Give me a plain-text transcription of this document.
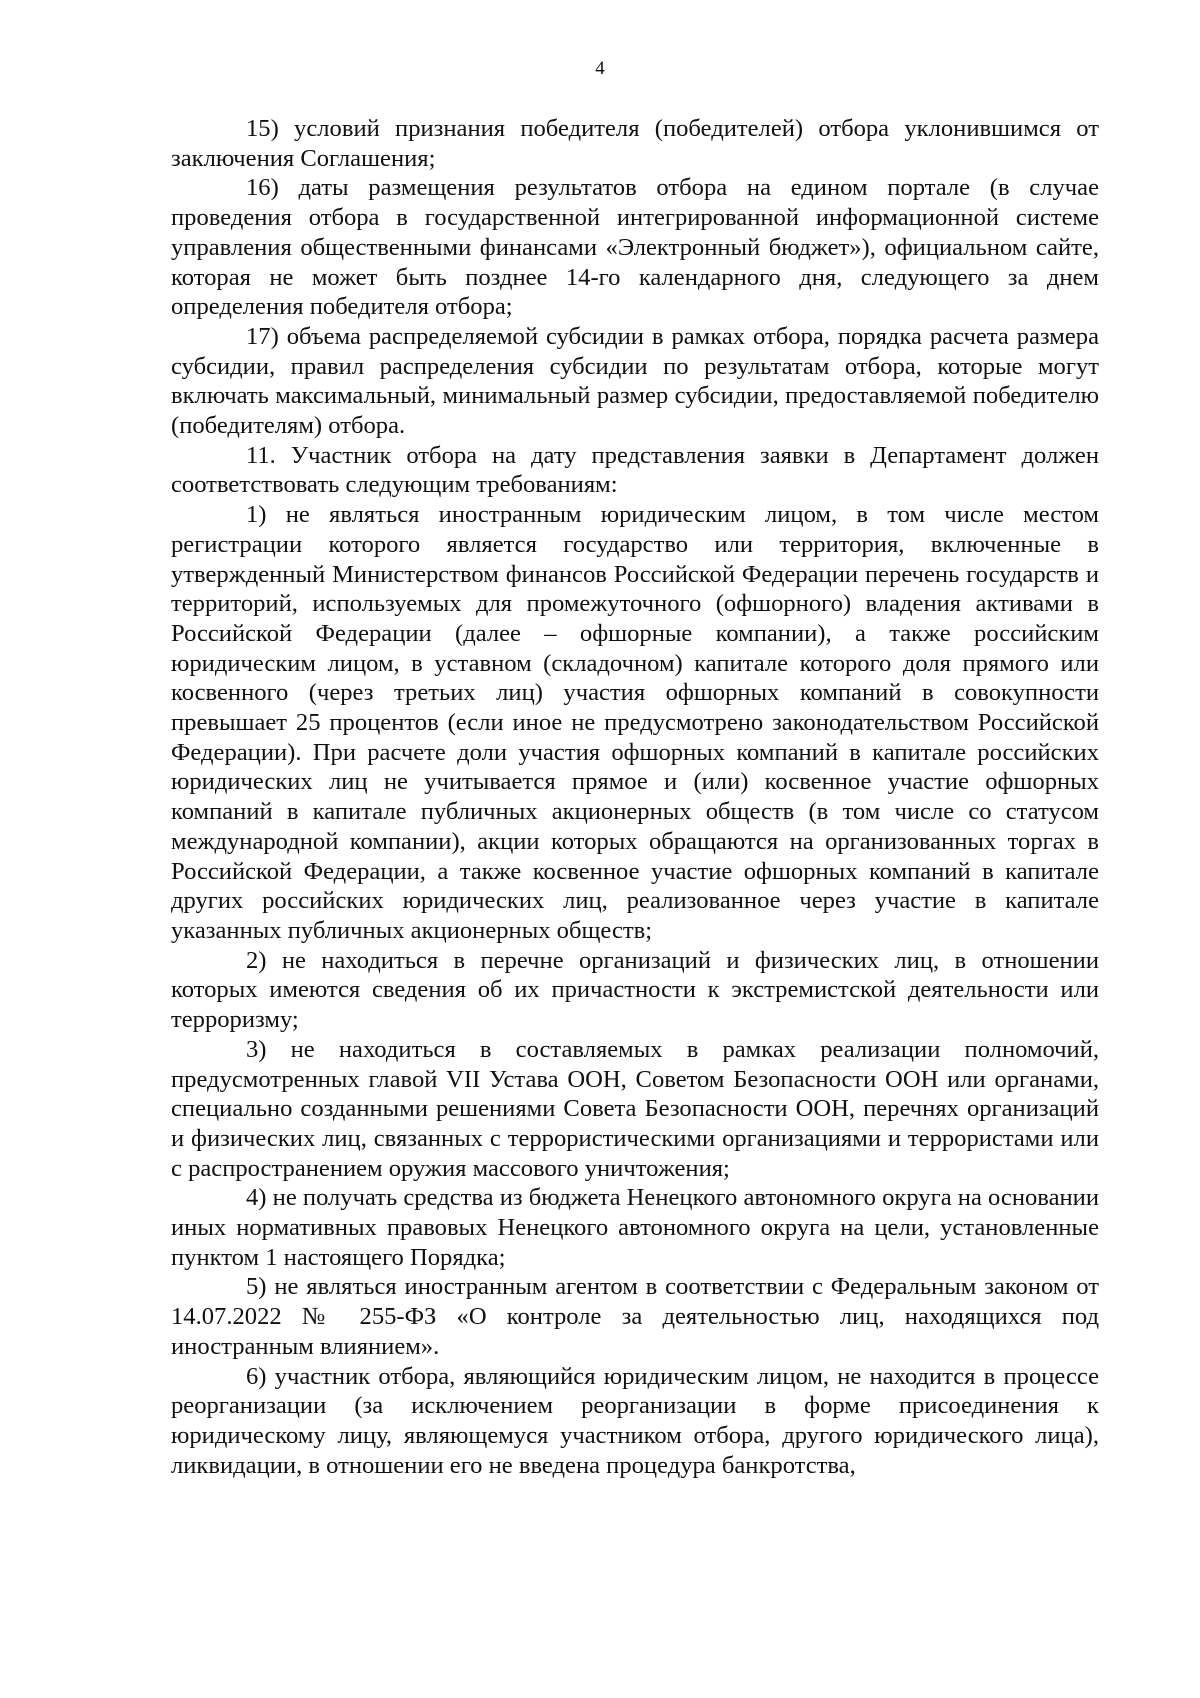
4

15) условий признания победителя (победителей) отбора уклонившимся от заключения Соглашения;

16) даты размещения результатов отбора на едином портале (в случае проведения отбора в государственной интегрированной информационной системе управления общественными финансами «Электронный бюджет»), официальном сайте, которая не может быть позднее 14-го календарного дня, следующего за днем определения победителя отбора;

17) объема распределяемой субсидии в рамках отбора, порядка расчета размера субсидии, правил распределения субсидии по результатам отбора, которые могут включать максимальный, минимальный размер субсидии, предоставляемой победителю (победителям) отбора.

11. Участник отбора на дату представления заявки в Департамент должен соответствовать следующим требованиям:

1) не являться иностранным юридическим лицом, в том числе местом регистрации которого является государство или территория, включенные в утвержденный Министерством финансов Российской Федерации перечень государств и территорий, используемых для промежуточного (офшорного) владения активами в Российской Федерации (далее – офшорные компании), а также российским юридическим лицом, в уставном (складочном) капитале которого доля прямого или косвенного (через третьих лиц) участия офшорных компаний в совокупности превышает 25 процентов (если иное не предусмотрено законодательством Российской Федерации). При расчете доли участия офшорных компаний в капитале российских юридических лиц не учитывается прямое и (или) косвенное участие офшорных компаний в капитале публичных акционерных обществ (в том числе со статусом международной компании), акции которых обращаются на организованных торгах в Российской Федерации, а также косвенное участие офшорных компаний в капитале других российских юридических лиц, реализованное через участие в капитале указанных публичных акционерных обществ;

2) не находиться в перечне организаций и физических лиц, в отношении которых имеются сведения об их причастности к экстремистской деятельности или терроризму;

3) не находиться в составляемых в рамках реализации полномочий, предусмотренных главой VII Устава ООН, Советом Безопасности ООН или органами, специально созданными решениями Совета Безопасности ООН, перечнях организаций и физических лиц, связанных с террористическими организациями и террористами или с распространением оружия массового уничтожения;

4) не получать средства из бюджета Ненецкого автономного округа на основании иных нормативных правовых Ненецкого автономного округа на цели, установленные пунктом 1 настоящего Порядка;

5) не являться иностранным агентом в соответствии с Федеральным законом от 14.07.2022 № 255-ФЗ «О контроле за деятельностью лиц, находящихся под иностранным влиянием».

6) участник отбора, являющийся юридическим лицом, не находится в процессе реорганизации (за исключением реорганизации в форме присоединения к юридическому лицу, являющемуся участником отбора, другого юридического лица), ликвидации, в отношении его не введена процедура банкротства,
